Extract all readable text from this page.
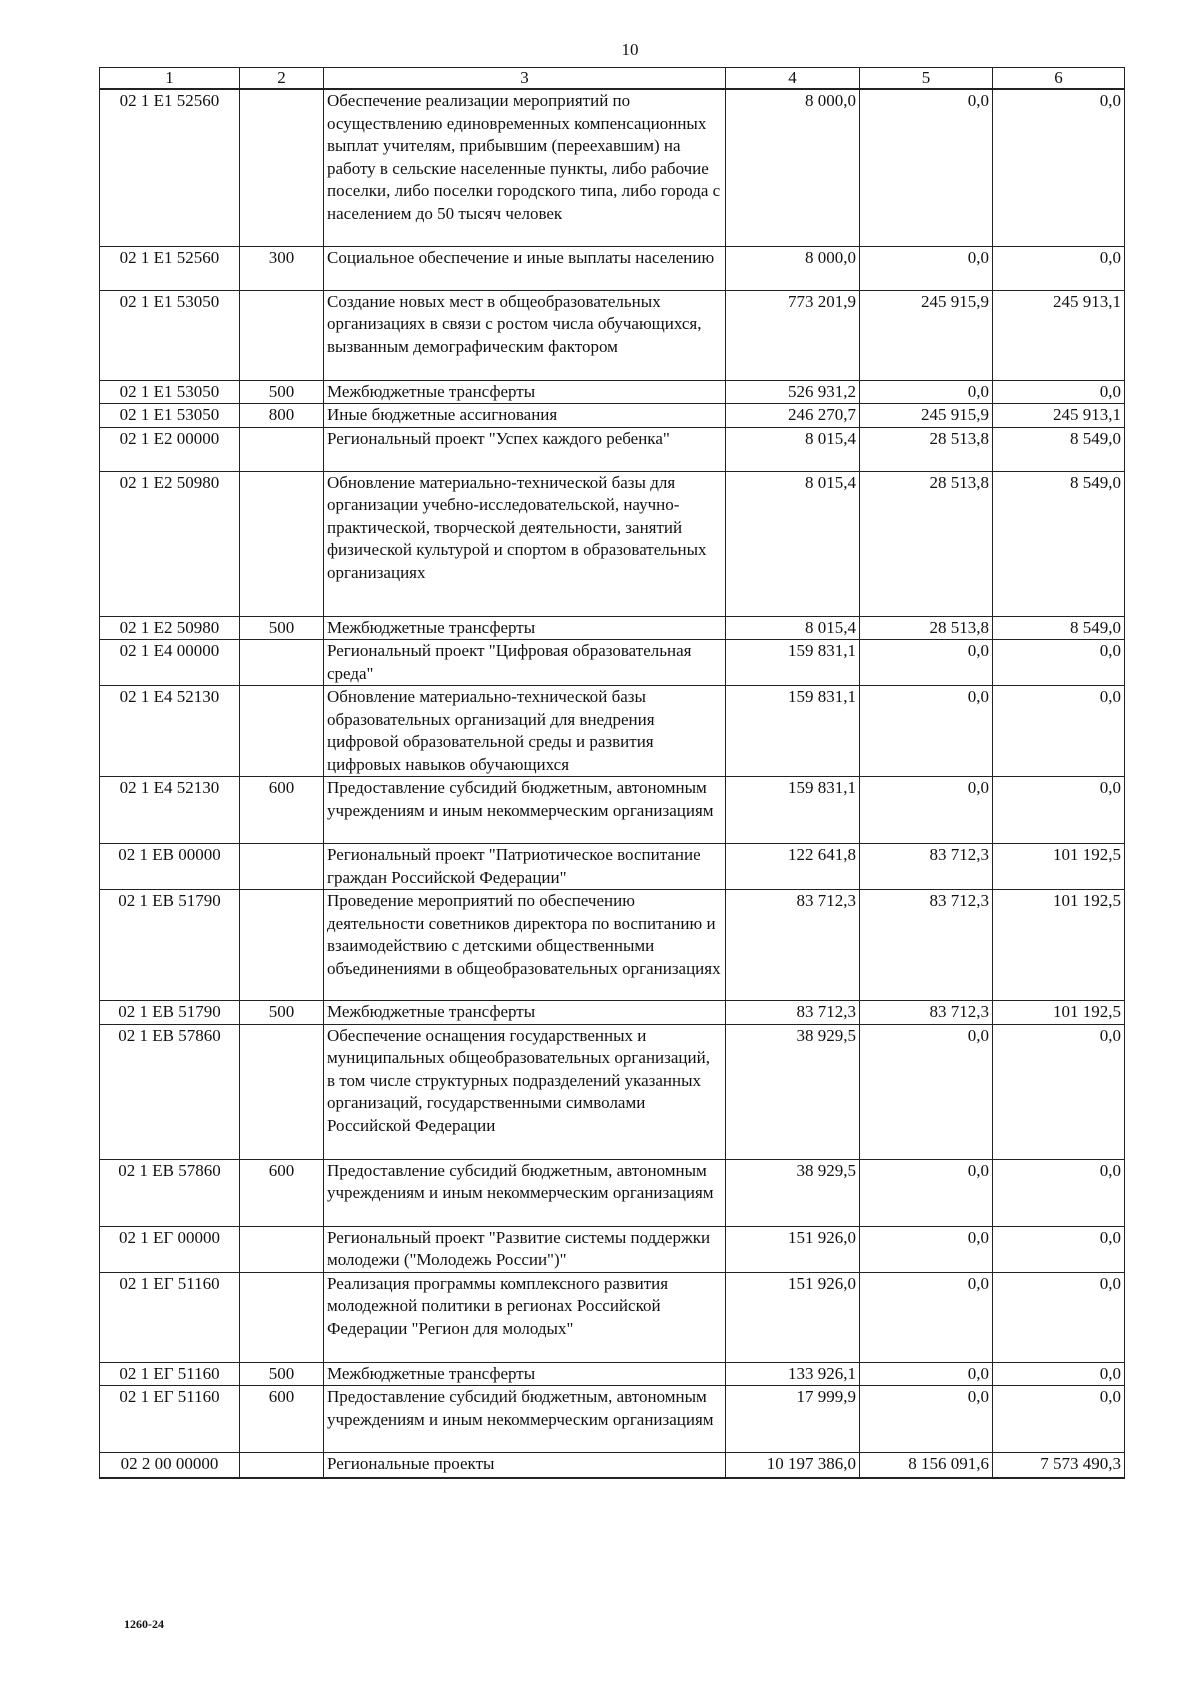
10
1	2	3	4	5	6
02 1 E1 52560		Обеспечение реализации мероприятий по осуществлению единовременных компенсационных выплат учителям, прибывшим (переехавшим) на работу в сельские населенные пункты, либо рабочие поселки, либо поселки городского типа, либо города с населением до 50 тысяч человек	8 000,0	0,0	0,0
02 1 E1 52560	300	Социальное обеспечение и иные выплаты населению	8 000,0	0,0	0,0
02 1 E1 53050		Создание новых мест в общеобразовательных организациях в связи с ростом числа обучающихся, вызванным демографическим фактором	773 201,9	245 915,9	245 913,1
02 1 E1 53050	500	Межбюджетные трансферты	526 931,2	0,0	0,0
02 1 E1 53050	800	Иные бюджетные ассигнования	246 270,7	245 915,9	245 913,1
02 1 E2 00000		Региональный проект "Успех каждого ребенка"	8 015,4	28 513,8	8 549,0
02 1 E2 50980		Обновление материально-технической базы для организации учебно-исследовательской, научно-практической, творческой деятельности, занятий физической культурой и спортом в образовательных организациях	8 015,4	28 513,8	8 549,0
02 1 E2 50980	500	Межбюджетные трансферты	8 015,4	28 513,8	8 549,0
02 1 E4 00000		Региональный проект "Цифровая образовательная среда"	159 831,1	0,0	0,0
02 1 E4 52130		Обновление материально-технической базы образовательных организаций для внедрения цифровой образовательной среды и развития цифровых навыков обучающихся	159 831,1	0,0	0,0
02 1 E4 52130	600	Предоставление субсидий бюджетным, автономным учреждениям и иным некоммерческим организациям	159 831,1	0,0	0,0
02 1 EB 00000		Региональный проект "Патриотическое воспитание граждан Российской Федерации"	122 641,8	83 712,3	101 192,5
02 1 EB 51790		Проведение мероприятий по обеспечению деятельности советников директора по воспитанию и взаимодействию с детскими общественными объединениями в общеобразовательных организациях	83 712,3	83 712,3	101 192,5
02 1 EB 51790	500	Межбюджетные трансферты	83 712,3	83 712,3	101 192,5
02 1 EB 57860		Обеспечение оснащения государственных и муниципальных общеобразовательных организаций, в том числе структурных подразделений указанных организаций, государственными символами Российской Федерации	38 929,5	0,0	0,0
02 1 EB 57860	600	Предоставление субсидий бюджетным, автономным учреждениям и иным некоммерческим организациям	38 929,5	0,0	0,0
02 1 EГ 00000		Региональный проект "Развитие системы поддержки молодежи ("Молодежь России")"	151 926,0	0,0	0,0
02 1 EГ 51160		Реализация программы комплексного развития молодежной политики в регионах Российской Федерации "Регион для молодых"	151 926,0	0,0	0,0
02 1 EГ 51160	500	Межбюджетные трансферты	133 926,1	0,0	0,0
02 1 EГ 51160	600	Предоставление субсидий бюджетным, автономным учреждениям и иным некоммерческим организациям	17 999,9	0,0	0,0
02 2 00 00000		Региональные проекты	10 197 386,0	8 156 091,6	7 573 490,3
1260-24
